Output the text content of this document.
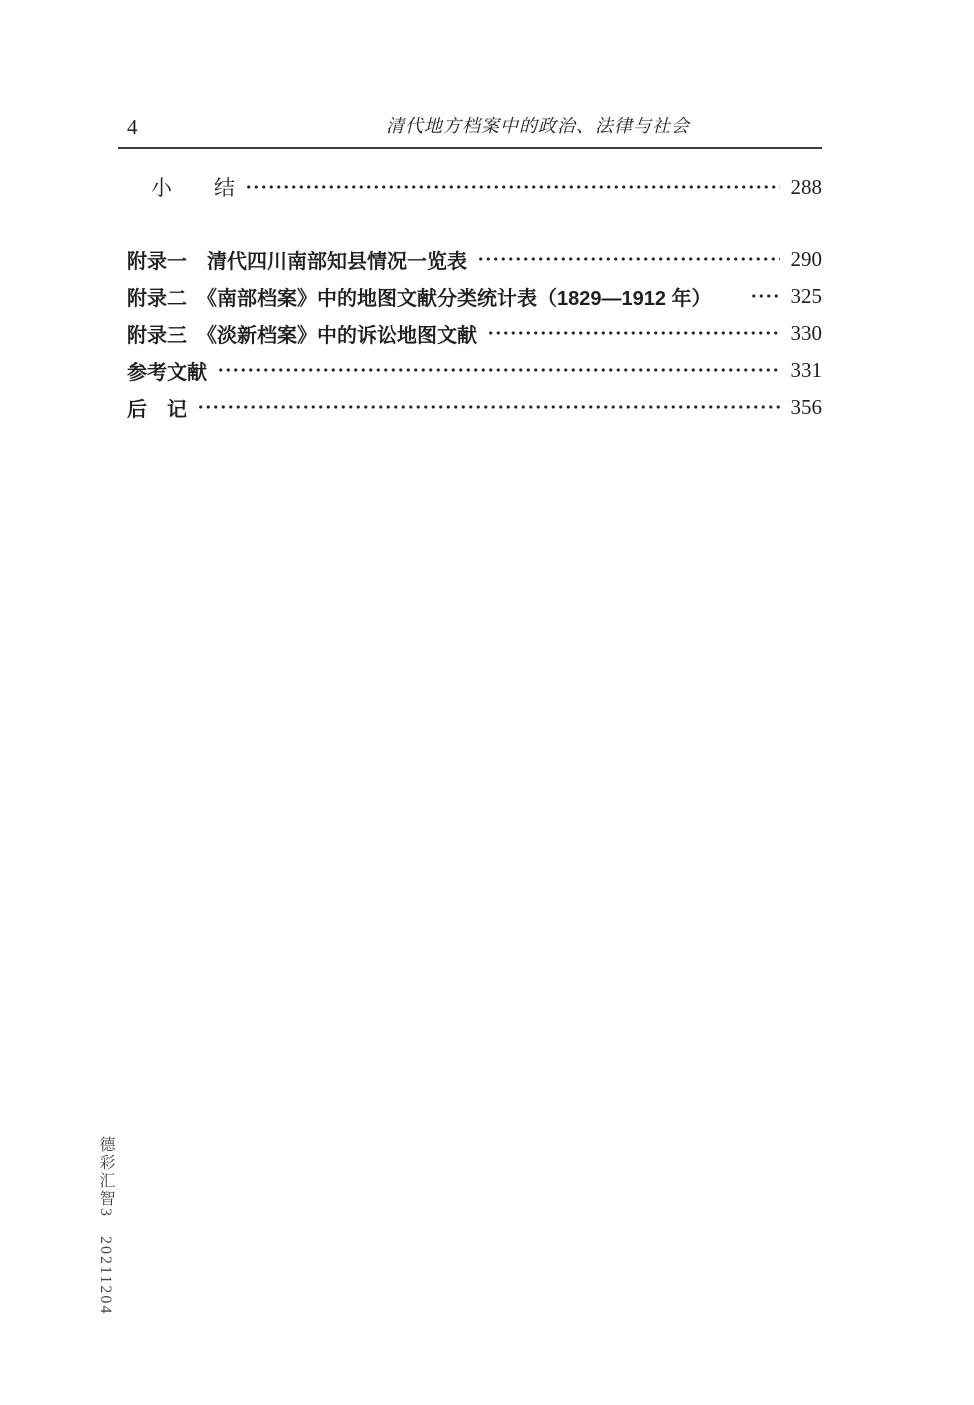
4	清代地方档案中的政治、法律与社会
小　　结	288
附录一　清代四川南部知县情况一览表	290
附录二　《南部档案》中的地图文献分类统计表（1829—1912 年）	325
附录三　《淡新档案》中的诉讼地图文献	330
参考文献	331
后　记	356
德彩汇智3　20211204
